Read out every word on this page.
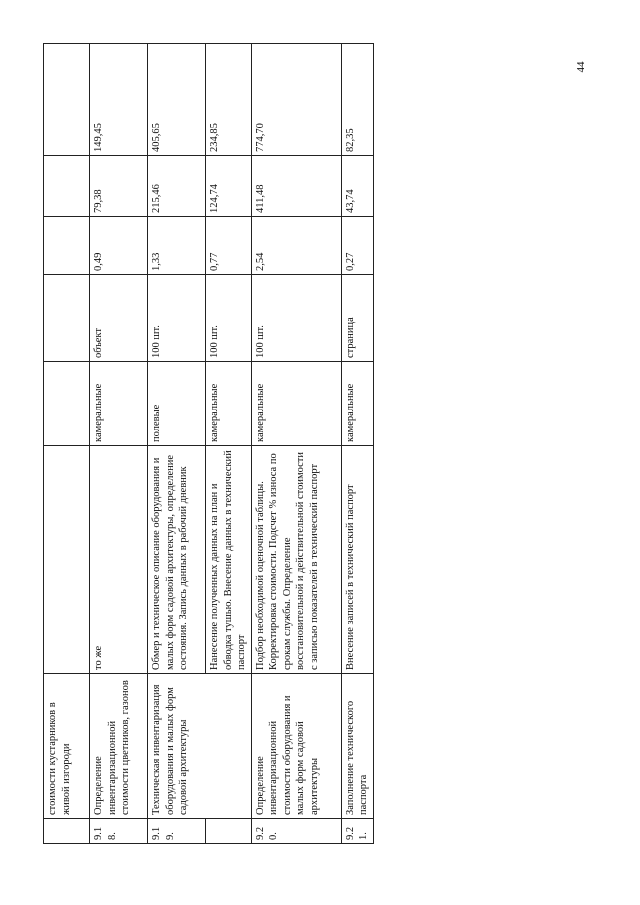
	стоимости кустарников в живой изгороди						
9.18.	Определение инвентаризационной стоимости цветников, газонов	то же	камеральные	объект	0,49	79,38	149,45
9.19.	Техническая инвентаризация оборудования и малых форм садовой архитектуры	Обмер и техническое описание оборудования и малых форм садовой архитектуры, определение состояния. Запись данных в рабочий дневник	полевые	100 шт.	1,33	215,46	405,65
		Нанесение полученных данных на план и обводка тушью. Внесение данных в технический паспорт	камеральные	100 шт.	0,77	124,74	234,85
9.20.	Определение инвентаризационной стоимости оборудования и малых форм садовой архитектуры	Подбор необходимой оценочной таблицы. Корректировка стоимости. Подсчет % износа по срокам службы. Определение восстановительной и действительной стоимости с записью показателей в технический паспорт	камеральные	100 шт.	2,54	411,48	774,70
9.21.	Заполнение технического паспорта	Внесение записей в технический паспорт	камеральные	страница	0,27	43,74	82,35
44
